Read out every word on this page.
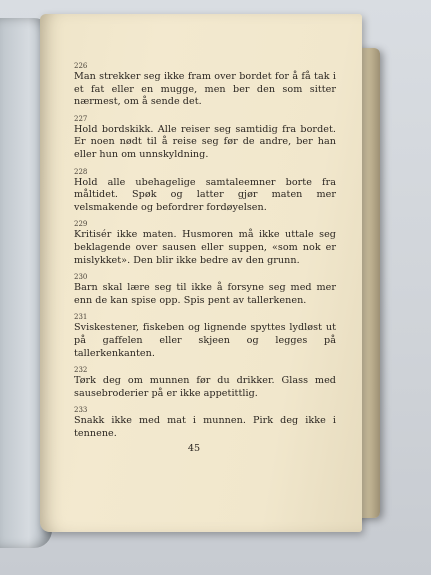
226
Man strekker seg ikke fram over bordet for å få tak i et fat eller en mugge, men ber den som sitter nærmest, om å sende det.
227
Hold bordskikk. Alle reiser seg samtidig fra bordet. Er noen nødt til å reise seg før de andre, ber han eller hun om unnskyldning.
228
Hold alle ubehagelige samtaleemner borte fra måltidet. Spøk og latter gjør maten mer velsmakende og befordrer fordøyelsen.
229
Kritisér ikke maten. Husmoren må ikke uttale seg beklagende over sausen eller suppen, «som nok er mislykket». Den blir ikke bedre av den grunn.
230
Barn skal lære seg til ikke å forsyne seg med mer enn de kan spise opp. Spis pent av tallerkenen.
231
Sviskestener, fiskeben og lignende spyttes lydløst ut på gaffelen eller skjeen og legges på tallerkenkanten.
232
Tørk deg om munnen før du drikker. Glass med sausebroderier på er ikke appetittlig.
233
Snakk ikke med mat i munnen. Pirk deg ikke i tennene.
45
